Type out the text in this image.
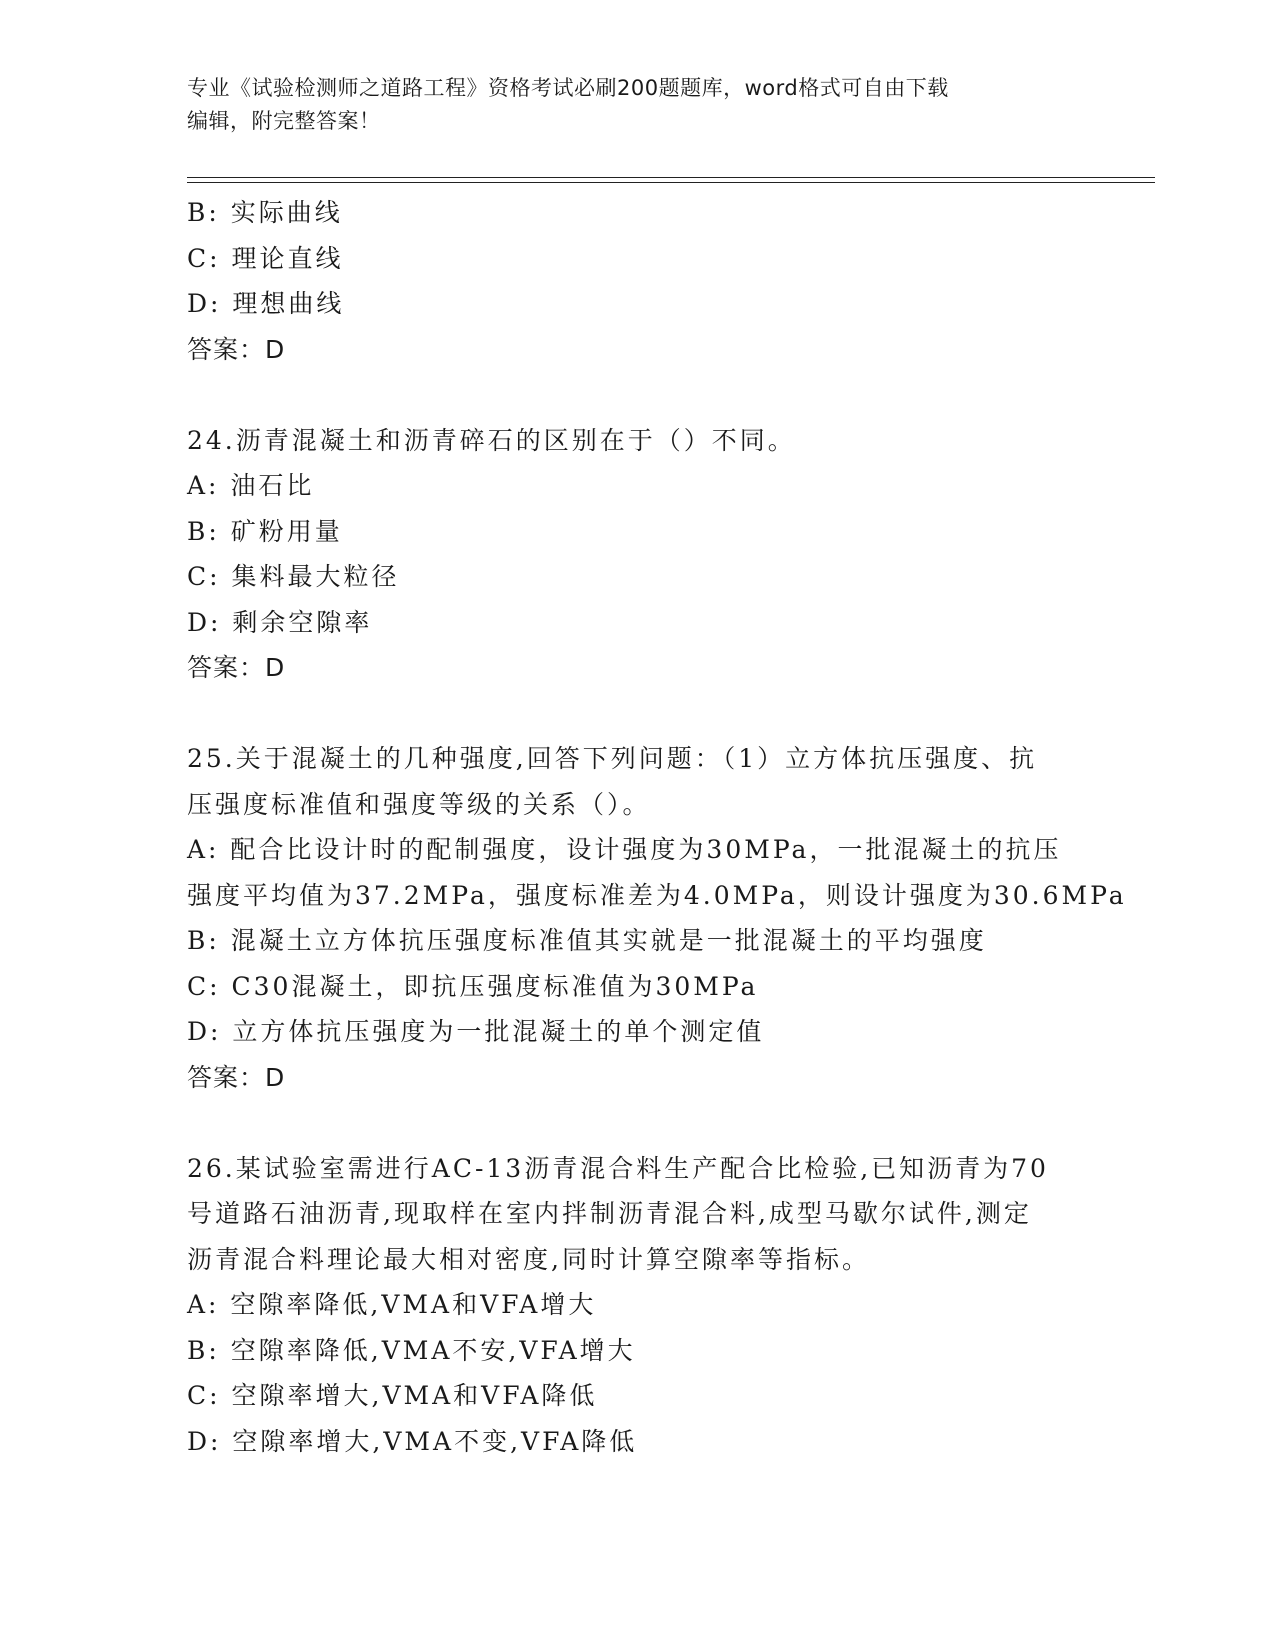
专业《试验检测师之道路工程》资格考试必刷200题题库，word格式可自由下载
编辑，附完整答案！
B: 实际曲线
C: 理论直线
D: 理想曲线
答案：D
24.沥青混凝土和沥青碎石的区别在于（）不同。
A: 油石比
B: 矿粉用量
C: 集料最大粒径
D: 剩余空隙率
答案：D
25.关于混凝土的几种强度,回答下列问题：（1）立方体抗压强度、抗
压强度标准值和强度等级的关系（）。
A: 配合比设计时的配制强度，设计强度为30MPa，一批混凝土的抗压
强度平均值为37.2MPa，强度标准差为4.0MPa，则设计强度为30.6MPa
B: 混凝土立方体抗压强度标准值其实就是一批混凝土的平均强度
C: C30混凝土，即抗压强度标准值为30MPa
D: 立方体抗压强度为一批混凝土的单个测定值
答案：D
26.某试验室需进行AC-13沥青混合料生产配合比检验,已知沥青为70
号道路石油沥青,现取样在室内拌制沥青混合料,成型马歇尔试件,测定
沥青混合料理论最大相对密度,同时计算空隙率等指标。
A: 空隙率降低,VMA和VFA增大
B: 空隙率降低,VMA不安,VFA增大
C: 空隙率增大,VMA和VFA降低
D: 空隙率增大,VMA不变,VFA降低
